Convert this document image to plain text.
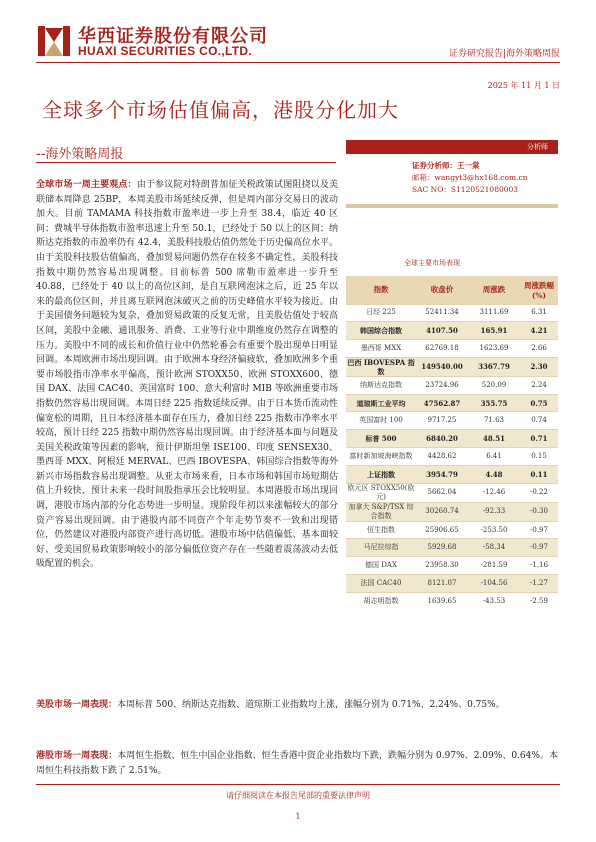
华西证券股份有限公司
HUAXI SECURITIES CO.,LTD.	证券研究报告|海外策略周报
2025 年 11 月 1 日
全球多个市场估值偏高，港股分化加大
--海外策略周报

全球市场一周主要观点：由于参议院对特朗普加征关税政策试图阻挠以及美联储本周降息 25BP，本周美股市场延续反弹，但是周内部分交易日的波动加大。目前 TAMAMA 科技指数市盈率进一步上升至 38.4，临近 40 区间；费城半导体指数市盈率迅速上升至 50.1，已经处于 50 以上的区间；纳斯达克指数的市盈率仍有 42.4，美股科技股估值仍然处于历史偏高位水平。由于美股科技股估值偏高，叠加贸易问题仍然存在较多不确定性，美股科技指数中期仍然容易出现调整。目前标普 500 席勒市盈率进一步升至 40.88，已经处于 40 以上的高位区间，是自互联网泡沫之后，近 25 年以来的最高位区间，并且离互联网泡沫破灭之前的历史峰值水平较为接近。由于美国债务问题较为复杂，叠加贸易政策的反复无常，且美股估值处于较高区间，美股中金融、通讯服务、消费、工业等行业中期维度仍然存在调整的压力。美股中不同的成长和价值行业中仍然轮番会有重要个股出现单日明显回调。本周欧洲市场出现回调。由于欧洲本身经济偏疲软，叠加欧洲多个重要市场股指市净率水平偏高，预计欧洲 STOXX50、欧洲 STOXX600、德国 DAX、法国 CAC40、英国富时 100、意大利富时 MIB 等欧洲重要市场指数仍然容易出现回调。本周日经 225 指数延续反弹。由于日本货币流动性偏宽松的周期，且日本经济基本面存在压力，叠加日经 225 指数市净率水平较高，预计日经 225 指数中期仍然容易出现回调。由于经济基本面与问题及美国关税政策等因素的影响，预计伊斯坦堡 ISE100、印度 SENSEX30、墨西哥 MXX、阿根廷 MERVAL、巴西 IBOVESPA、韩国综合指数等海外新兴市场指数容易出现调整。从亚太市场来看，日本市场和韩国市场短期估值上升较快，预计未来一段时间股指承压会比较明显。本周港股市场出现回调，港股市场内部的分化态势进一步明显。现阶段年初以来涨幅较大的部分资产容易出现回调。由于港股内部不同资产个年走势节奏不一致和出现错位，仍然建议对港股内部资产进行高切低。港股市场中估值偏低、基本面较好、受美国贸易政策影响较小的部分偏低位资产存在一些随着震荡波动去低吸配置的机会。

美股市场一周表现：本周标普 500、纳斯达克指数、道琼斯工业指数均上涨，涨幅分别为 0.71%、2.24%、0.75%。

港股市场一周表现：本周恒生指数、恒生中国企业指数、恒生香港中资企业指数均下跌，跌幅分别为 0.97%、2.09%、0.64%。本周恒生科技指数下跌了 2.51%。

分析师
证券分析师：王一棠
邮箱：wangyt3@hx168.com.cn
SAC NO：S1120521080003
全球主要市场表现
指数	收盘价	周涨跌	周涨跌幅(%)
日经 225	52411.34	3111.69	6.31
韩国综合指数	4107.50	165.91	4.21
墨西哥 MXX	62769.18	1623.69	2.66
巴西 IBOVESPA 指数	149540.00	3367.79	2.30
纳斯达克指数	23724.96	520.09	2.24
道琼斯工业平均	47562.87	355.75	0.75
英国富时 100	9717.25	71.63	0.74
标普 500	6840.20	48.51	0.71
富时新加坡海峡指数	4428.62	6.41	0.15
上证指数	3954.79	4.48	0.11
欧元区 STOXX50(欧元)	5662.04	-12.46	-0.22
加拿大 S&P/TSX 综合指数	30260.74	-92.33	-0.30
恒生指数	25906.65	-253.50	-0.97
马尼拉综指	5929.68	-58.34	-0.97
德国 DAX	23958.30	-281.59	-1.16
法国 CAC40	8121.07	-104.56	-1.27
胡志明指数	1639.65	-43.53	-2.59
请仔细阅读在本报告尾部的重要法律声明
1
